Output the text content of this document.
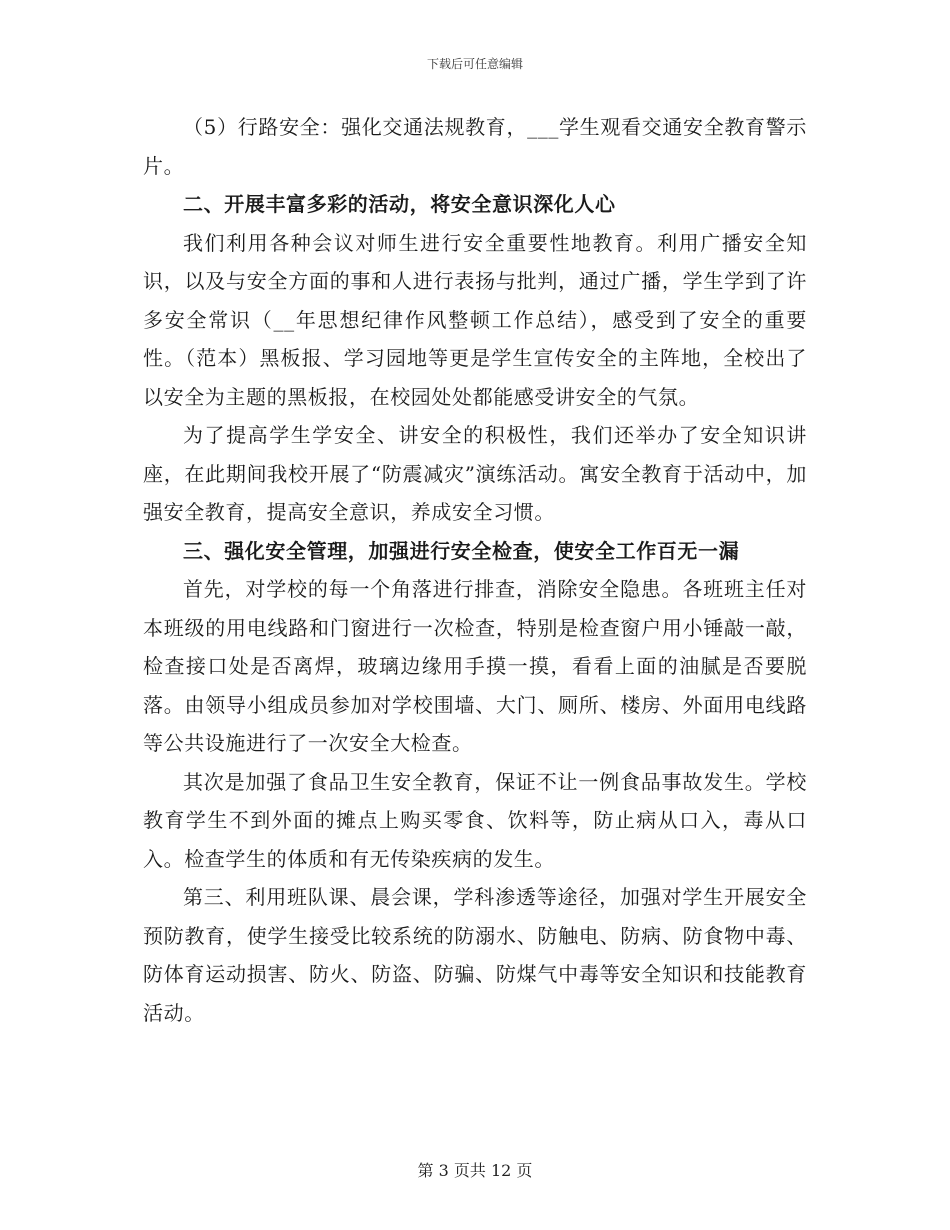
下载后可任意编辑

（5）行路安全：强化交通法规教育，___学生观看交通安全教育警示片。

二、开展丰富多彩的活动，将安全意识深化人心

我们利用各种会议对师生进行安全重要性地教育。利用广播安全知识，以及与安全方面的事和人进行表扬与批判，通过广播，学生学到了许多安全常识（__年思想纪律作风整顿工作总结），感受到了安全的重要性。（范本）黑板报、学习园地等更是学生宣传安全的主阵地，全校出了以安全为主题的黑板报，在校园处处都能感受讲安全的气氛。

为了提高学生学安全、讲安全的积极性，我们还举办了安全知识讲座，在此期间我校开展了“防震减灾”演练活动。寓安全教育于活动中，加强安全教育，提高安全意识，养成安全习惯。

三、强化安全管理，加强进行安全检查，使安全工作百无一漏

首先，对学校的每一个角落进行排查，消除安全隐患。各班班主任对本班级的用电线路和门窗进行一次检查，特别是检查窗户用小锤敲一敲，检查接口处是否离焊，玻璃边缘用手摸一摸，看看上面的油腻是否要脱落。由领导小组成员参加对学校围墙、大门、厕所、楼房、外面用电线路等公共设施进行了一次安全大检查。

其次是加强了食品卫生安全教育，保证不让一例食品事故发生。学校教育学生不到外面的摊点上购买零食、饮料等，防止病从口入，毒从口入。检查学生的体质和有无传染疾病的发生。

第三、利用班队课、晨会课，学科渗透等途径，加强对学生开展安全预防教育，使学生接受比较系统的防溺水、防触电、防病、防食物中毒、防体育运动损害、防火、防盗、防骗、防煤气中毒等安全知识和技能教育活动。

第 3 页共 12 页
